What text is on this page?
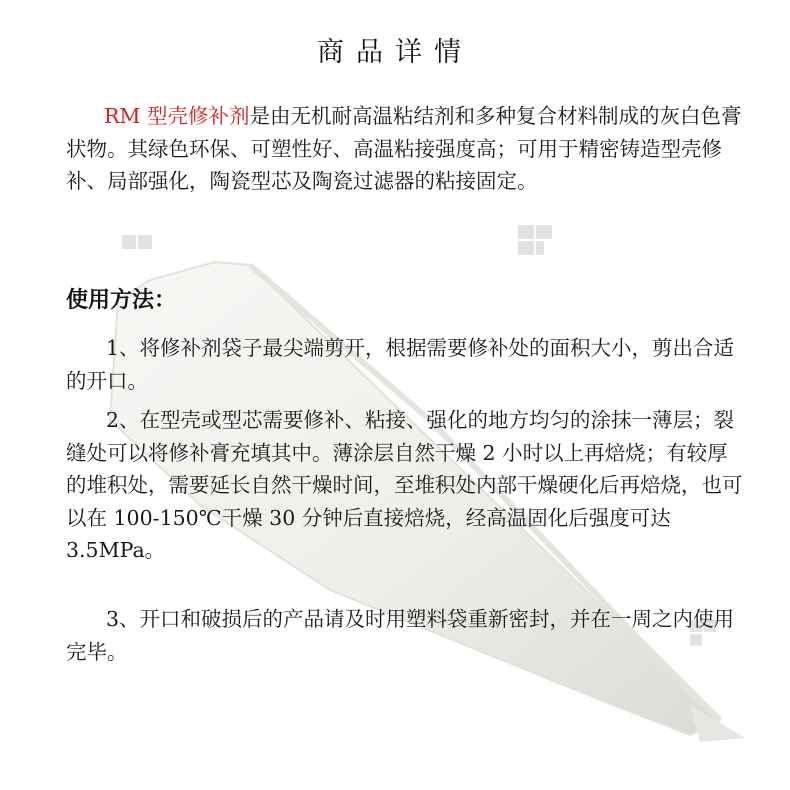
商品详情

RM 型壳修补剂是由无机耐高温粘结剂和多种复合材料制成的灰白色膏状物。其绿色环保、可塑性好、高温粘接强度高；可用于精密铸造型壳修补、局部强化，陶瓷型芯及陶瓷过滤器的粘接固定。

使用方法：

1、将修补剂袋子最尖端剪开，根据需要修补处的面积大小，剪出合适的开口。

2、在型壳或型芯需要修补、粘接、强化的地方均匀的涂抹一薄层；裂缝处可以将修补膏充填其中。薄涂层自然干燥 2 小时以上再焙烧；有较厚的堆积处，需要延长自然干燥时间，至堆积处内部干燥硬化后再焙烧，也可以在 100-150℃干燥 30 分钟后直接焙烧，经高温固化后强度可达 3.5MPa。

3、开口和破损后的产品请及时用塑料袋重新密封，并在一周之内使用完毕。
